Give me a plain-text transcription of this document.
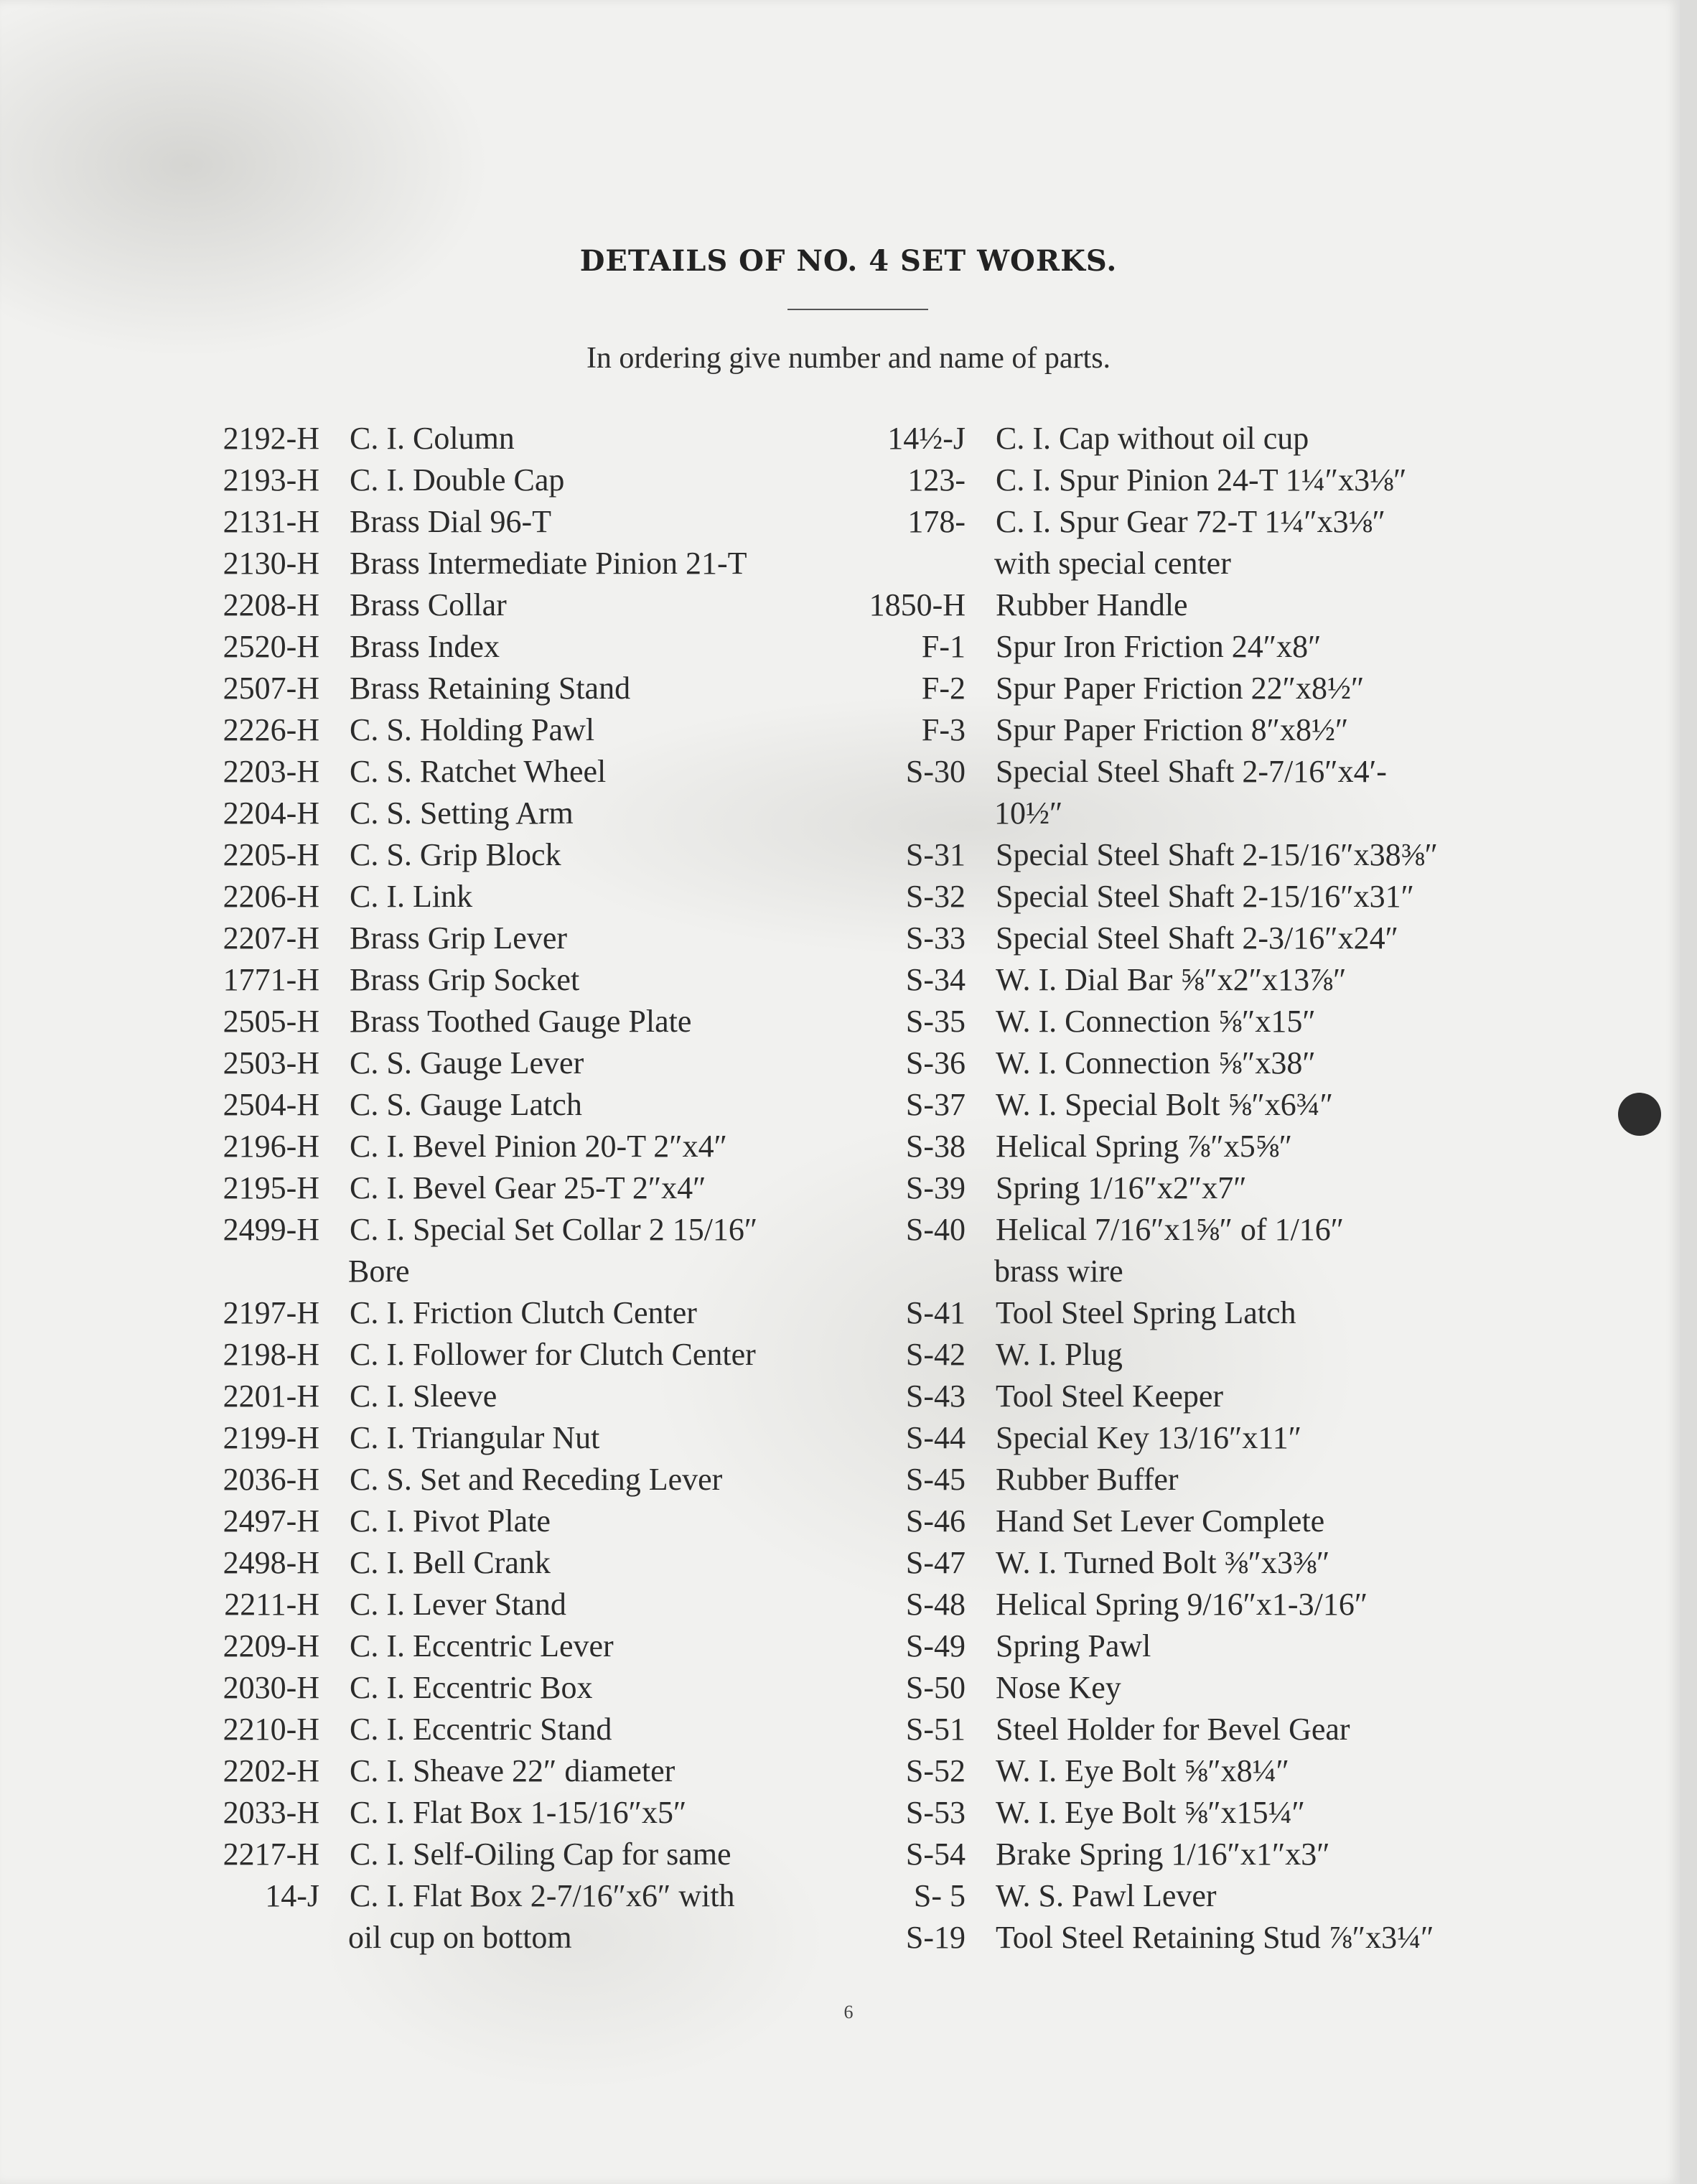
DETAILS OF NO. 4 SET WORKS.
In ordering give number and name of parts.
2192-H C. I. Column
2193-H C. I. Double Cap
2131-H Brass Dial 96-T
2130-H Brass Intermediate Pinion 21-T
2208-H Brass Collar
2520-H Brass Index
2507-H Brass Retaining Stand
2226-H C. S. Holding Pawl
2203-H C. S. Ratchet Wheel
2204-H C. S. Setting Arm
2205-H C. S. Grip Block
2206-H C. I. Link
2207-H Brass Grip Lever
1771-H Brass Grip Socket
2505-H Brass Toothed Gauge Plate
2503-H C. S. Gauge Lever
2504-H C. S. Gauge Latch
2196-H C. I. Bevel Pinion 20-T 2″x4″
2195-H C. I. Bevel Gear 25-T 2″x4″
2499-H C. I. Special Set Collar 2 15/16″
Bore
2197-H C. I. Friction Clutch Center
2198-H C. I. Follower for Clutch Center
2201-H C. I. Sleeve
2199-H C. I. Triangular Nut
2036-H C. S. Set and Receding Lever
2497-H C. I. Pivot Plate
2498-H C. I. Bell Crank
2211-H C. I. Lever Stand
2209-H C. I. Eccentric Lever
2030-H C. I. Eccentric Box
2210-H C. I. Eccentric Stand
2202-H C. I. Sheave 22″ diameter
2033-H C. I. Flat Box 1-15/16″x5″
2217-H C. I. Self-Oiling Cap for same
14-J C. I. Flat Box 2-7/16″x6″ with
oil cup on bottom
14½-J C. I. Cap without oil cup
123- C. I. Spur Pinion 24-T 1¼″x3⅛″
178- C. I. Spur Gear 72-T 1¼″x3⅛″
with special center
1850-H Rubber Handle
F-1 Spur Iron Friction 24″x8″
F-2 Spur Paper Friction 22″x8½″
F-3 Spur Paper Friction 8″x8½″
S-30 Special Steel Shaft 2-7/16″x4′-
10½″
S-31 Special Steel Shaft 2-15/16″x38⅜″
S-32 Special Steel Shaft 2-15/16″x31″
S-33 Special Steel Shaft 2-3/16″x24″
S-34 W. I. Dial Bar ⅝″x2″x13⅞″
S-35 W. I. Connection ⅝″x15″
S-36 W. I. Connection ⅝″x38″
S-37 W. I. Special Bolt ⅝″x6¾″
S-38 Helical Spring ⅞″x5⅝″
S-39 Spring 1/16″x2″x7″
S-40 Helical 7/16″x1⅝″ of 1/16″
brass wire
S-41 Tool Steel Spring Latch
S-42 W. I. Plug
S-43 Tool Steel Keeper
S-44 Special Key 13/16″x11″
S-45 Rubber Buffer
S-46 Hand Set Lever Complete
S-47 W. I. Turned Bolt ⅜″x3⅜″
S-48 Helical Spring 9/16″x1-3/16″
S-49 Spring Pawl
S-50 Nose Key
S-51 Steel Holder for Bevel Gear
S-52 W. I. Eye Bolt ⅝″x8¼″
S-53 W. I. Eye Bolt ⅝″x15¼″
S-54 Brake Spring 1/16″x1″x3″
S- 5 W. S. Pawl Lever
S-19 Tool Steel Retaining Stud ⅞″x3¼″
6
